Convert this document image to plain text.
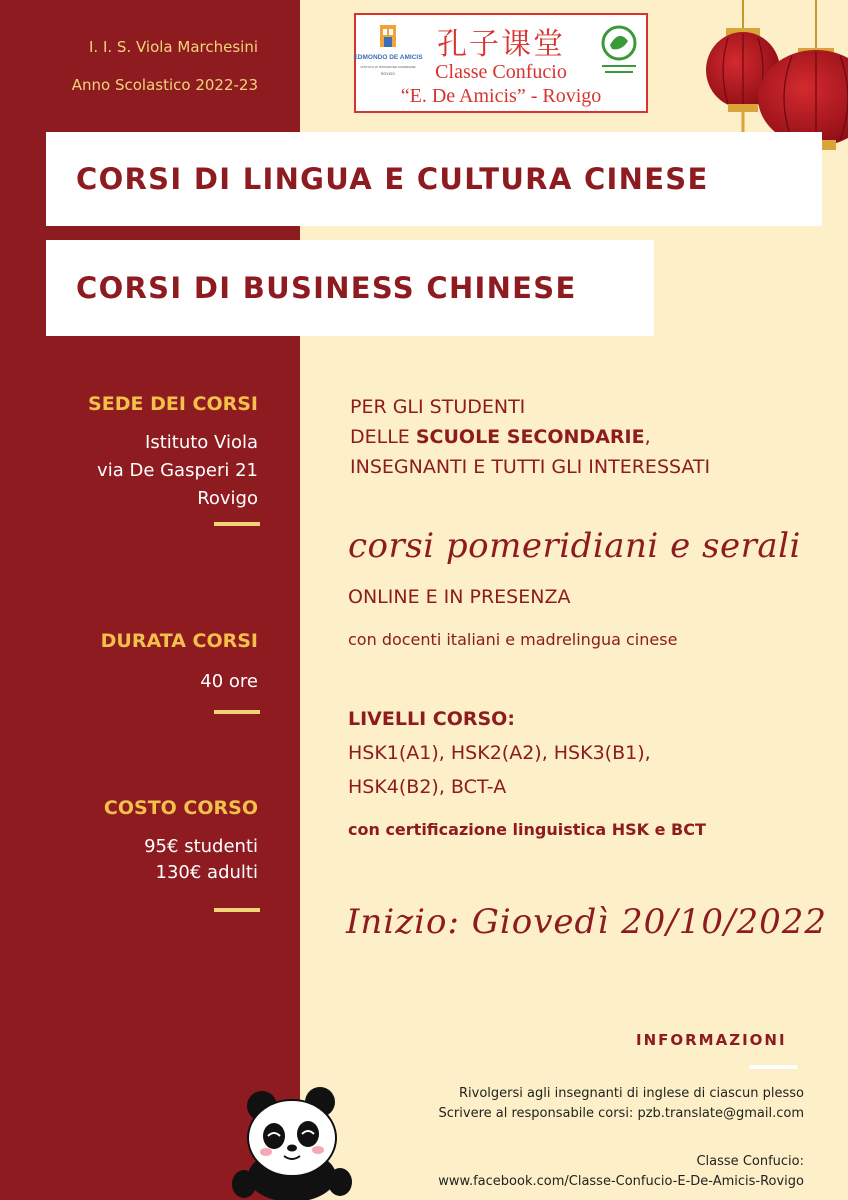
I. I. S. Viola Marchesini
Anno Scolastico 2022-23
EDMONDO DE AMICIS
ISTITUTO DI ISTRUZIONE SUPERIORE
ROVIGO
孔子课堂
Classe Confucio
“E. De Amicis” - Rovigo
CORSI DI LINGUA E CULTURA CINESE
CORSI DI BUSINESS CHINESE
SEDE DEI CORSI
Istituto Viola
via De Gasperi 21
Rovigo
DURATA CORSI
40 ore
COSTO CORSO
95€ studenti
130€ adulti
PER GLI STUDENTI
DELLE SCUOLE SECONDARIE,
INSEGNANTI E TUTTI GLI INTERESSATI
corsi pomeridiani e serali
ONLINE E IN PRESENZA
con docenti italiani e madrelingua cinese
LIVELLI CORSO:
HSK1(A1), HSK2(A2), HSK3(B1),
HSK4(B2), BCT-A
con certificazione linguistica HSK e BCT
Inizio: Giovedì 20/10/2022
INFORMAZIONI
Rivolgersi agli insegnanti di inglese di ciascun plesso
Scrivere al responsabile corsi: pzb.translate@gmail.com
Classe Confucio:
www.facebook.com/Classe-Confucio-E-De-Amicis-Rovigo
